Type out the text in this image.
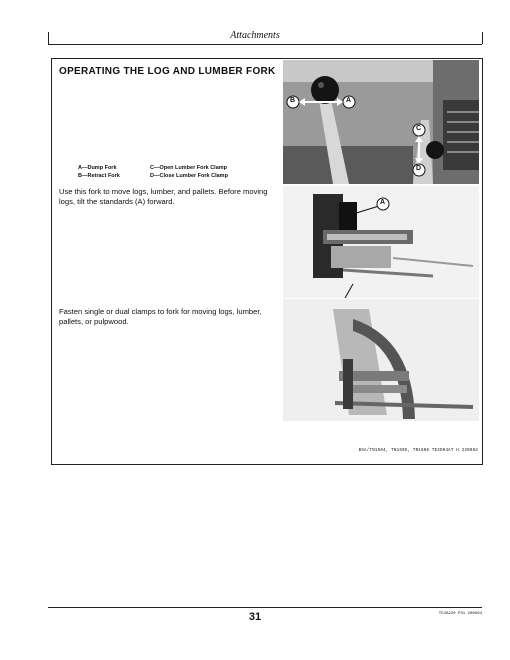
Attachments
OPERATING THE LOG AND LUMBER FORK
A—Dump Fork
B—Retract Fork
C—Open Lumber Fork Clamp
D—Close Lumber Fork Clamp
Use this fork to move logs, lumber, and pallets. Before moving logs, tilt the standards (A) forward.
Fasten single or dual clamps to fork for moving logs, lumber, pallets, or pulpwood.
B	A
C
D
A
BSA/TN1504, TN1605, TN1606 TE2D04AT H 230983
31	TE2A220 P31 200694
